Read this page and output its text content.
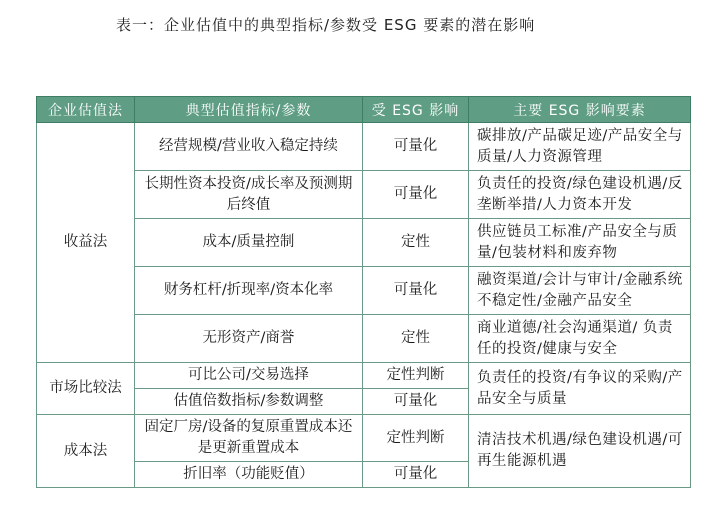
表一：企业估值中的典型指标/参数受 ESG 要素的潜在影响
企业估值法	典型估值指标/参数	受 ESG 影响	主要 ESG 影响要素
收益法	经营规模/营业收入稳定持续	可量化	碳排放/产品碳足迹/产品安全与质量/人力资源管理
	长期性资本投资/成长率及预测期后终值	可量化	负责任的投资/绿色建设机遇/反垄断举措/人力资本开发
	成本/质量控制	定性	供应链员工标准/产品安全与质量/包装材料和废弃物
	财务杠杆/折现率/资本化率	可量化	融资渠道/会计与审计/金融系统不稳定性/金融产品安全
	无形资产/商誉	定性	商业道德/社会沟通渠道/ 负责任的投资/健康与安全
市场比较法	可比公司/交易选择	定性判断	负责任的投资/有争议的采购/产品安全与质量
	估值倍数指标/参数调整	可量化	
成本法	固定厂房/设备的复原重置成本还是更新重置成本	定性判断	清洁技术机遇/绿色建设机遇/可再生能源机遇
	折旧率（功能贬值）	可量化	
